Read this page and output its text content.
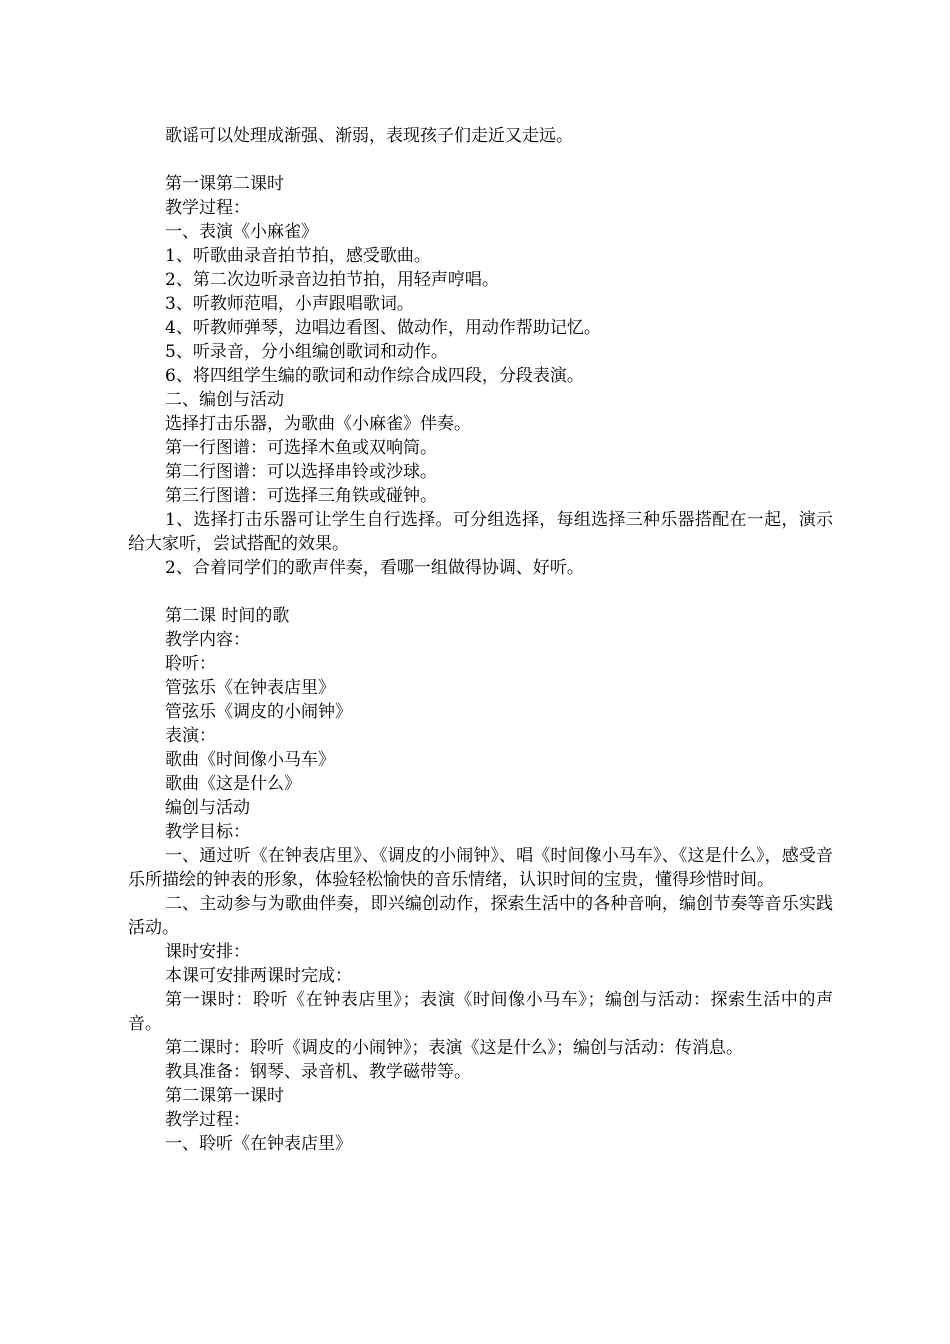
歌谣可以处理成渐强、渐弱，表现孩子们走近又走远。

第一课第二课时

教学过程：

一、表演《小麻雀》

1、听歌曲录音拍节拍，感受歌曲。

2、第二次边听录音边拍节拍，用轻声哼唱。

3、听教师范唱，小声跟唱歌词。

4、听教师弹琴，边唱边看图、做动作，用动作帮助记忆。

5、听录音，分小组编创歌词和动作。

6、将四组学生编的歌词和动作综合成四段，分段表演。

二、编创与活动

选择打击乐器，为歌曲《小麻雀》伴奏。

第一行图谱：可选择木鱼或双响筒。

第二行图谱：可以选择串铃或沙球。

第三行图谱：可选择三角铁或碰钟。

1、选择打击乐器可让学生自行选择。可分组选择，每组选择三种乐器搭配在一起，演示给大家听，尝试搭配的效果。

2、合着同学们的歌声伴奏，看哪一组做得协调、好听。

第二课 时间的歌

教学内容：

聆听：

管弦乐《在钟表店里》

管弦乐《调皮的小闹钟》

表演：

歌曲《时间像小马车》

歌曲《这是什么》

编创与活动

教学目标：

一、通过听《在钟表店里》、《调皮的小闹钟》、唱《时间像小马车》、《这是什么》，感受音乐所描绘的钟表的形象，体验轻松愉快的音乐情绪，认识时间的宝贵，懂得珍惜时间。

二、主动参与为歌曲伴奏，即兴编创动作，探索生活中的各种音响，编创节奏等音乐实践活动。

课时安排：

本课可安排两课时完成：

第一课时：聆听《在钟表店里》；表演《时间像小马车》；编创与活动：探索生活中的声音。

第二课时：聆听《调皮的小闹钟》；表演《这是什么》；编创与活动：传消息。

教具准备：钢琴、录音机、教学磁带等。

第二课第一课时

教学过程：

一、聆听《在钟表店里》
